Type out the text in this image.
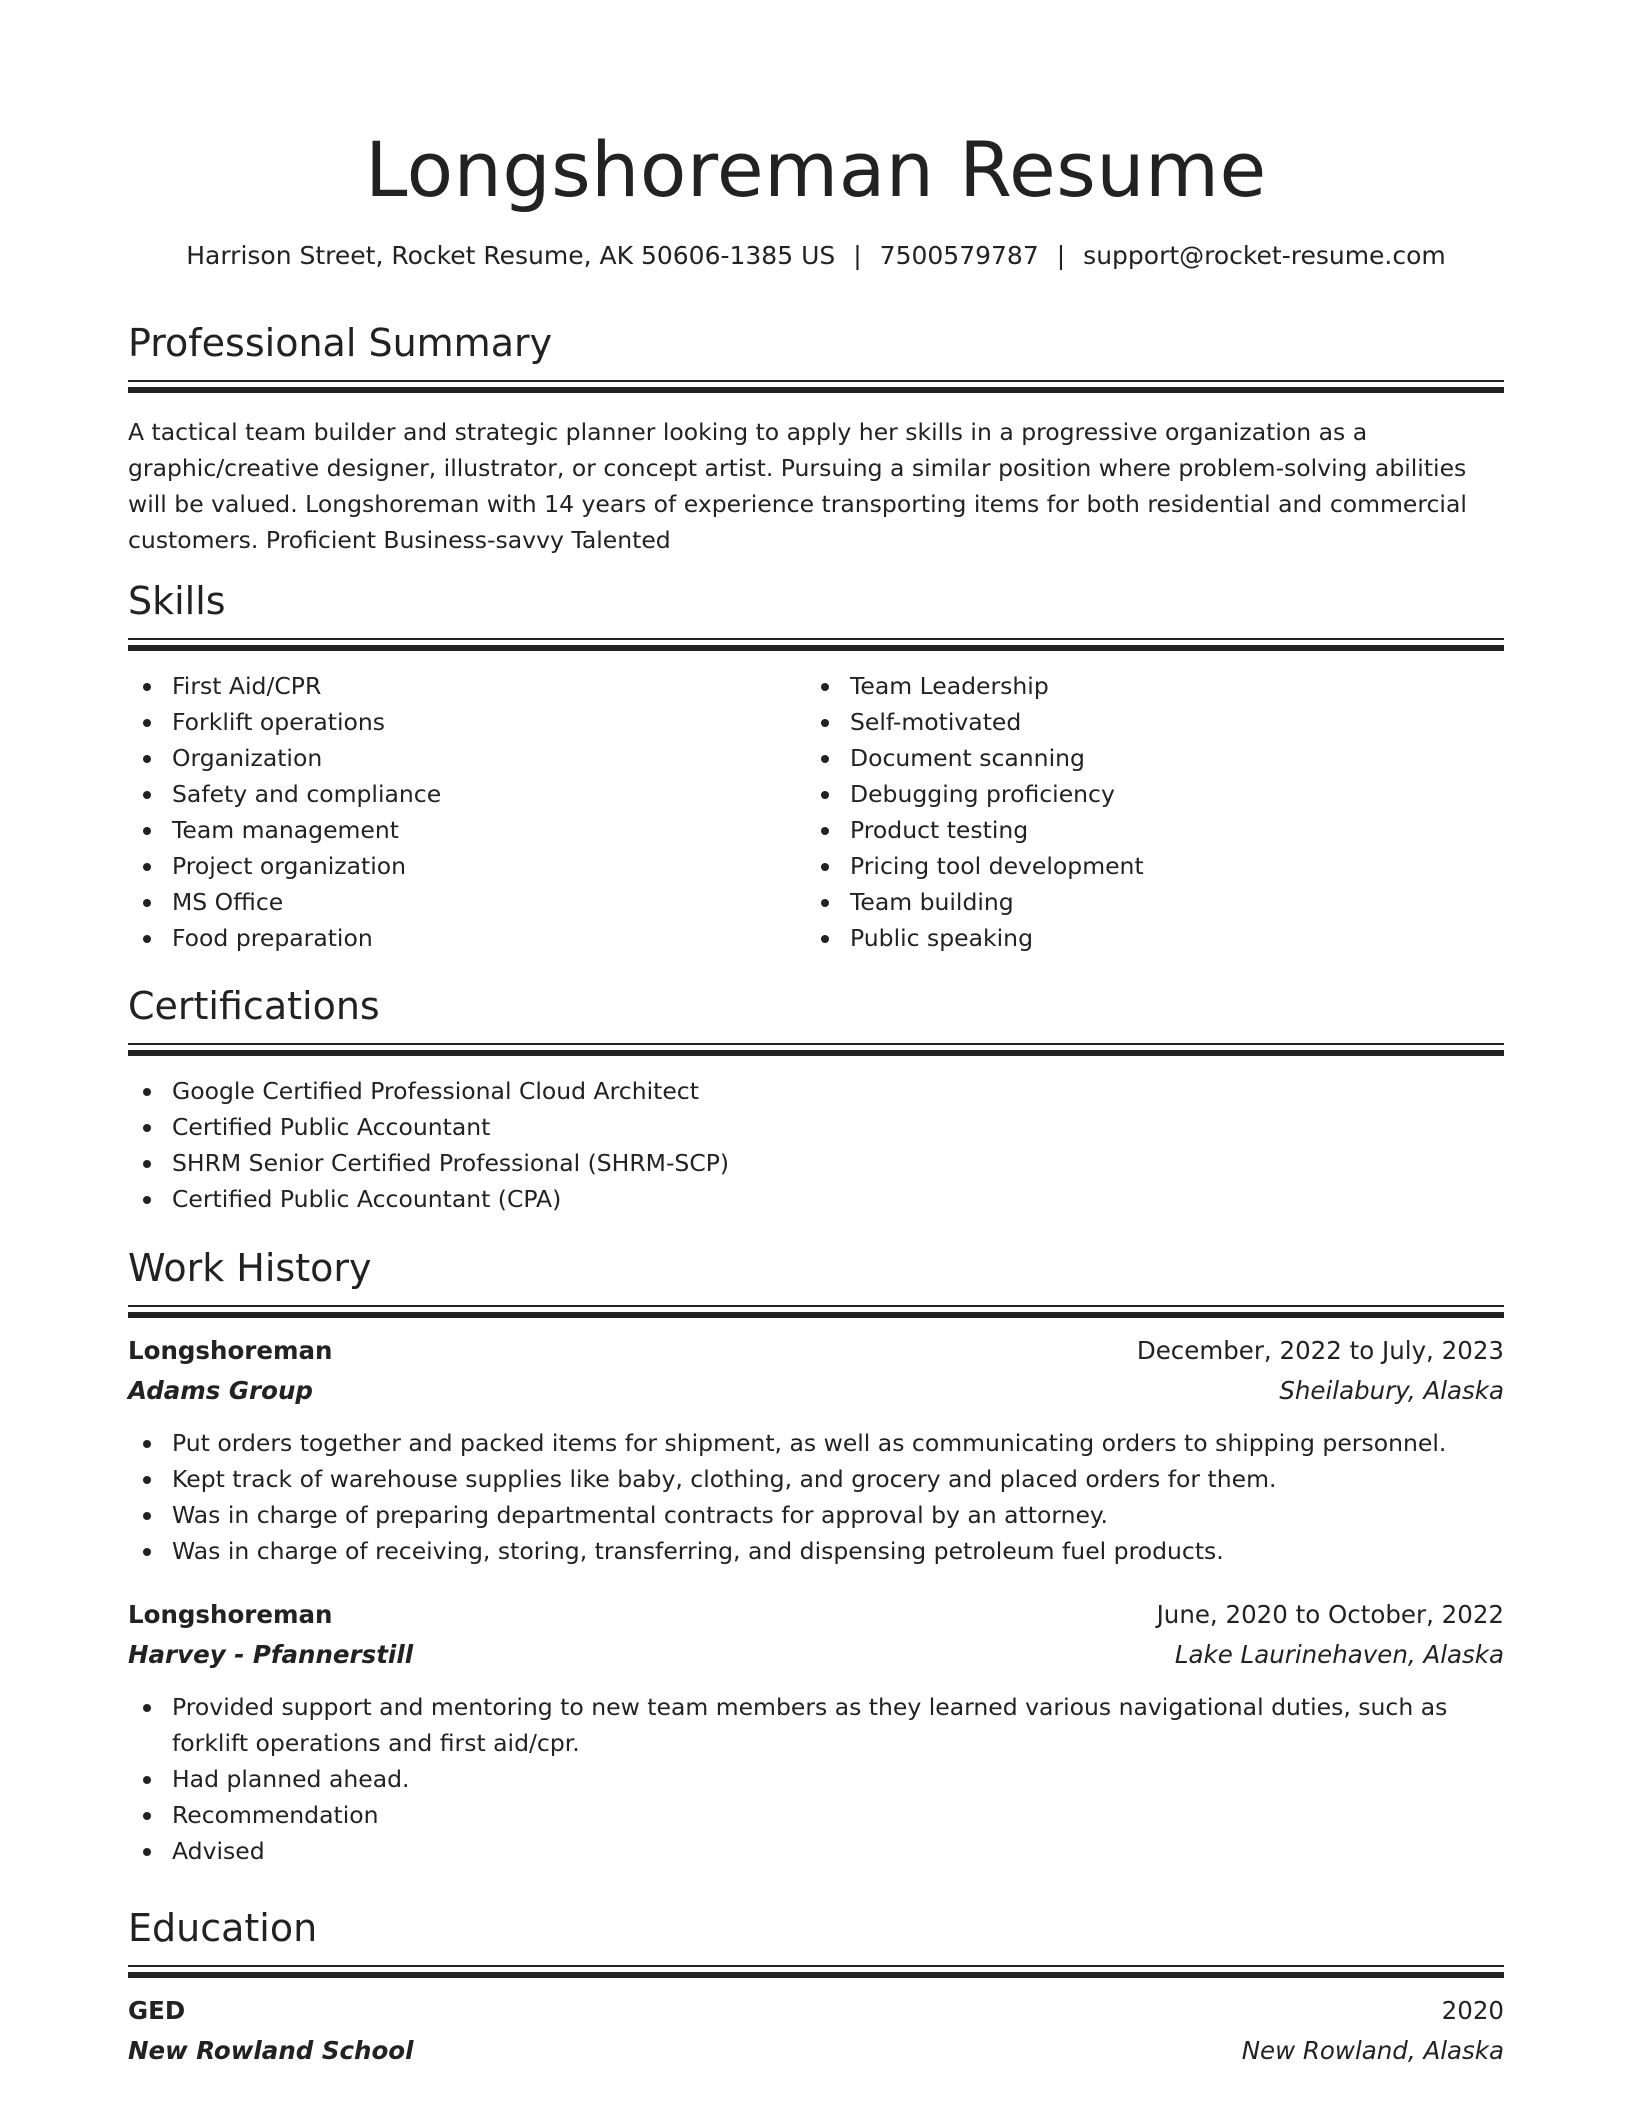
Longshoreman Resume
Harrison Street, Rocket Resume, AK 50606-1385 US | 7500579787 | support@rocket-resume.com
Professional Summary
A tactical team builder and strategic planner looking to apply her skills in a progressive organization as a graphic/creative designer, illustrator, or concept artist. Pursuing a similar position where problem-solving abilities will be valued. Longshoreman with 14 years of experience transporting items for both residential and commercial customers. Proficient Business-savvy Talented
Skills
First Aid/CPR
Forklift operations
Organization
Safety and compliance
Team management
Project organization
MS Office
Food preparation
Team Leadership
Self-motivated
Document scanning
Debugging proficiency
Product testing
Pricing tool development
Team building
Public speaking
Certifications
Google Certified Professional Cloud Architect
Certified Public Accountant
SHRM Senior Certified Professional (SHRM-SCP)
Certified Public Accountant (CPA)
Work History
Longshoreman	December, 2022 to July, 2023
Adams Group	Sheilabury, Alaska
Put orders together and packed items for shipment, as well as communicating orders to shipping personnel.
Kept track of warehouse supplies like baby, clothing, and grocery and placed orders for them.
Was in charge of preparing departmental contracts for approval by an attorney.
Was in charge of receiving, storing, transferring, and dispensing petroleum fuel products.
Longshoreman	June, 2020 to October, 2022
Harvey - Pfannerstill	Lake Laurinehaven, Alaska
Provided support and mentoring to new team members as they learned various navigational duties, such as forklift operations and first aid/cpr.
Had planned ahead.
Recommendation
Advised
Education
GED	2020
New Rowland School	New Rowland, Alaska
